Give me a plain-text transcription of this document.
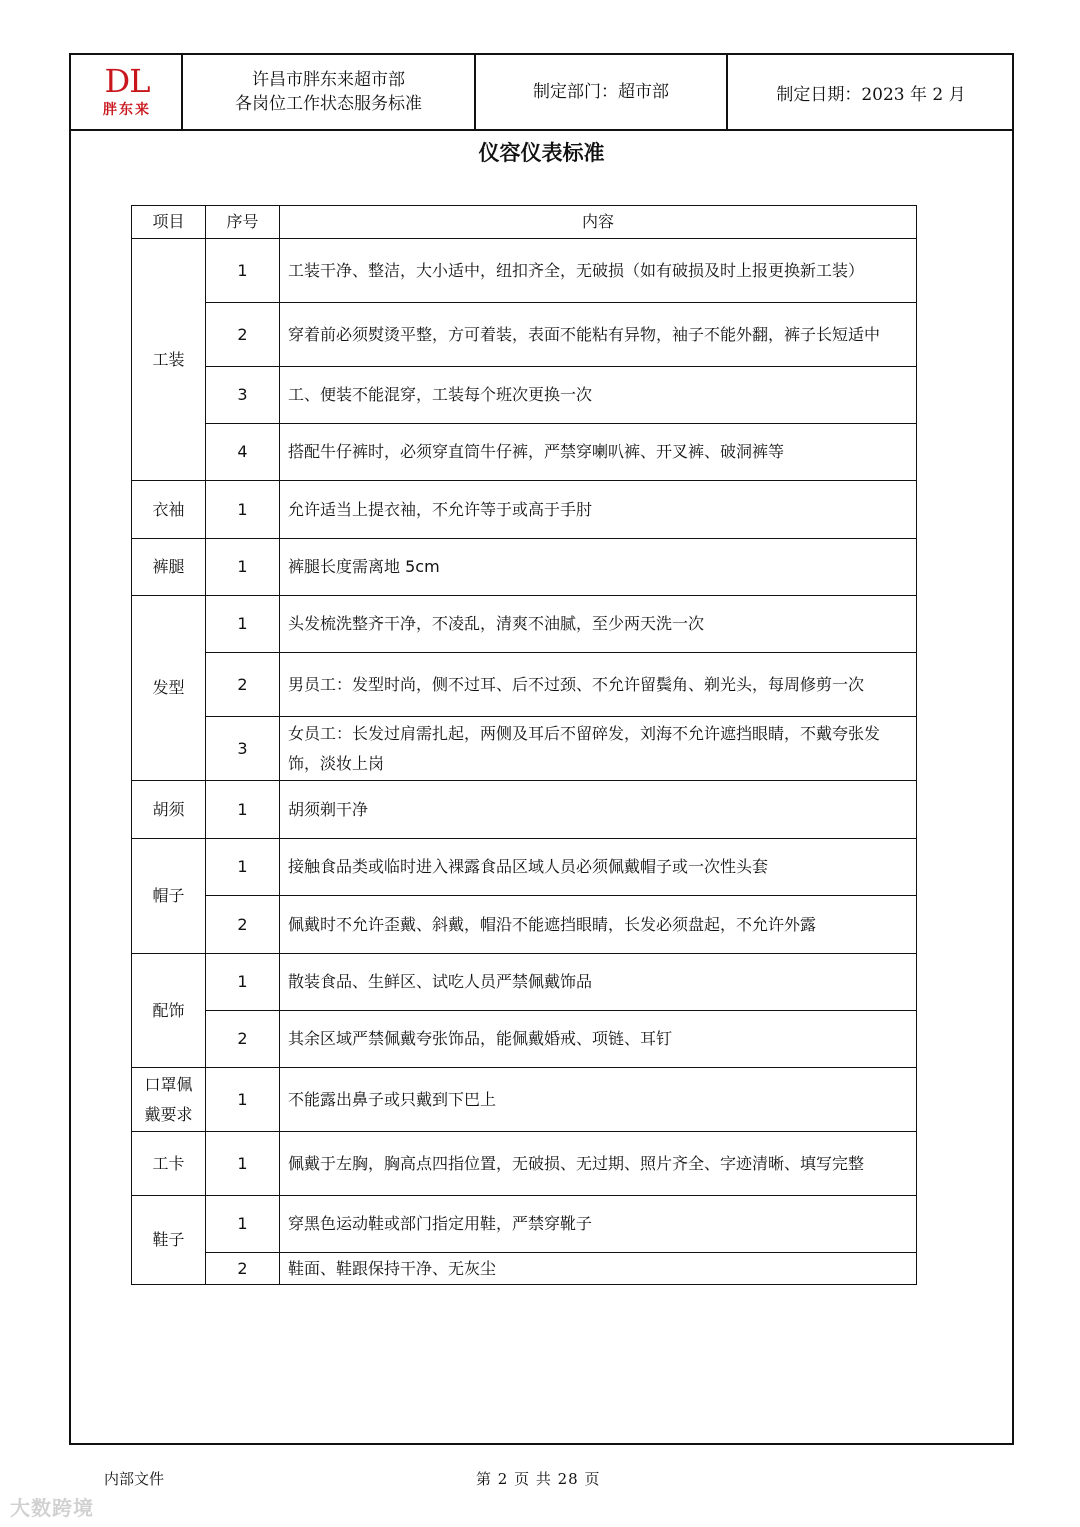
DL
胖东来
许昌市胖东来超市部
各岗位工作状态服务标准
制定部门：超市部	制定日期：2023 年 2 月
仪容仪表标准
项目	序号	内容
工装	1	工装干净、整洁，大小适中，纽扣齐全，无破损（如有破损及时上报更换新工装）
	2	穿着前必须熨烫平整，方可着装，表面不能粘有异物，袖子不能外翻，裤子长短适中
	3	工、便装不能混穿，工装每个班次更换一次
	4	搭配牛仔裤时，必须穿直筒牛仔裤，严禁穿喇叭裤、开叉裤、破洞裤等
衣袖	1	允许适当上提衣袖，不允许等于或高于手肘
裤腿	1	裤腿长度需离地 5cm
发型	1	头发梳洗整齐干净，不凌乱，清爽不油腻，至少两天洗一次
	2	男员工：发型时尚，侧不过耳、后不过颈、不允许留鬓角、剃光头，每周修剪一次
	3	女员工：长发过肩需扎起，两侧及耳后不留碎发，刘海不允许遮挡眼睛，不戴夸张发饰，淡妆上岗
胡须	1	胡须剃干净
帽子	1	接触食品类或临时进入裸露食品区域人员必须佩戴帽子或一次性头套
	2	佩戴时不允许歪戴、斜戴，帽沿不能遮挡眼睛，长发必须盘起，不允许外露
配饰	1	散装食品、生鲜区、试吃人员严禁佩戴饰品
	2	其余区域严禁佩戴夸张饰品，能佩戴婚戒、项链、耳钉
口罩佩戴要求	1	不能露出鼻子或只戴到下巴上
工卡	1	佩戴于左胸，胸高点四指位置，无破损、无过期、照片齐全、字迹清晰、填写完整
鞋子	1	穿黑色运动鞋或部门指定用鞋，严禁穿靴子
	2	鞋面、鞋跟保持干净、无灰尘
内部文件	第 2 页 共 28 页
大数跨境
